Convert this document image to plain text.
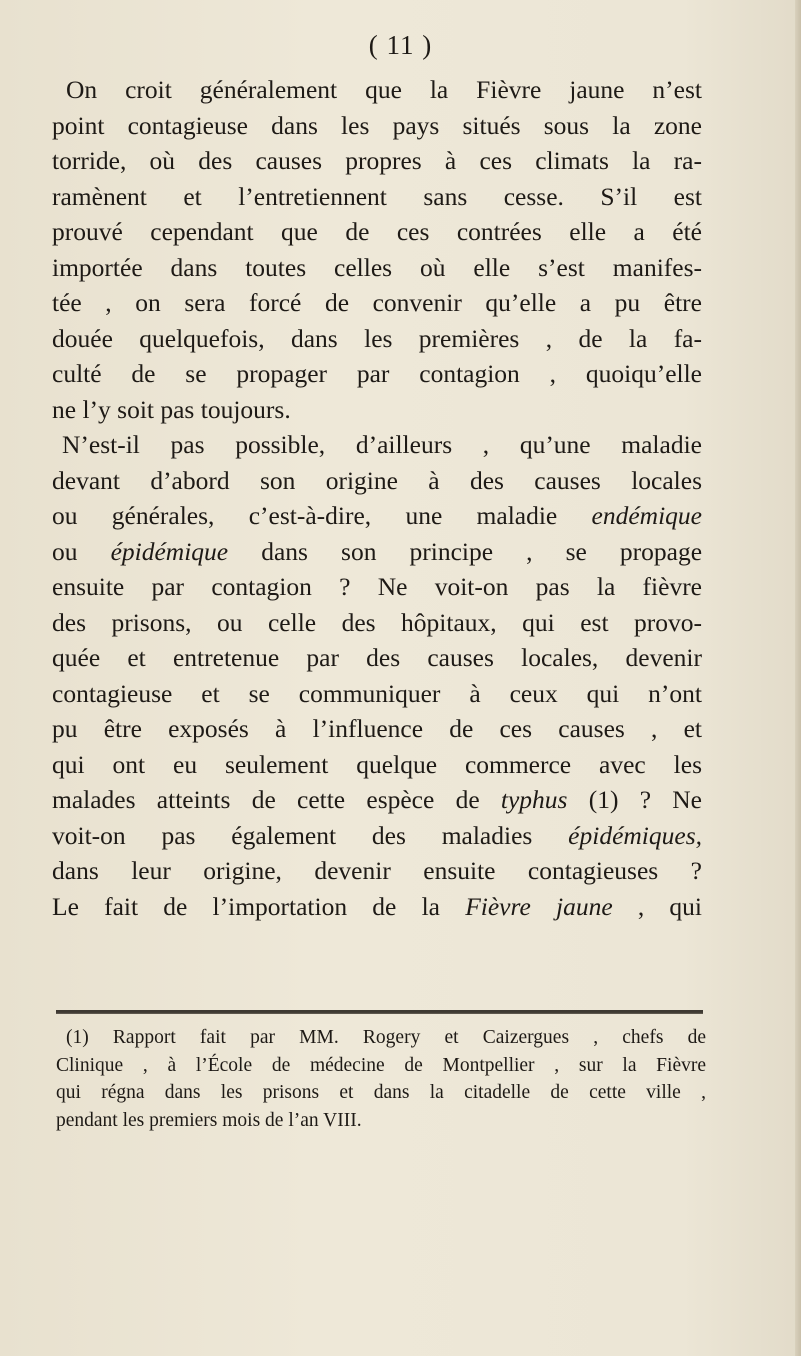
( 11 )
On croit généralement que la Fièvre jaune n’est
point contagieuse dans les pays situés sous la zone
torride, où des causes propres à ces climats la ra-
ramènent et l’entretiennent sans cesse. S’il est
prouvé cependant que de ces contrées elle a été
importée dans toutes celles où elle s’est manifes-
tée , on sera forcé de convenir qu’elle a pu être
douée quelquefois, dans les premières , de la fa-
culté de se propager par contagion , quoiqu’elle
ne l’y soit pas toujours.
N’est-il pas possible, d’ailleurs , qu’une maladie
devant d’abord son origine à des causes locales
ou générales, c’est-à-dire, une maladie endémique
ou épidémique dans son principe , se propage
ensuite par contagion ? Ne voit-on pas la fièvre
des prisons, ou celle des hôpitaux, qui est provo-
quée et entretenue par des causes locales, devenir
contagieuse et se communiquer à ceux qui n’ont
pu être exposés à l’influence de ces causes , et
qui ont eu seulement quelque commerce avec les
malades atteints de cette espèce de typhus (1) ? Ne
voit-on pas également des maladies épidémiques,
dans leur origine, devenir ensuite contagieuses ?
Le fait de l’importation de la Fièvre jaune , qui
(1) Rapport fait par MM. Rogery et Caizergues , chefs de
Clinique , à l’École de médecine de Montpellier , sur la Fièvre
qui régna dans les prisons et dans la citadelle de cette ville ,
pendant les premiers mois de l’an VIII.
